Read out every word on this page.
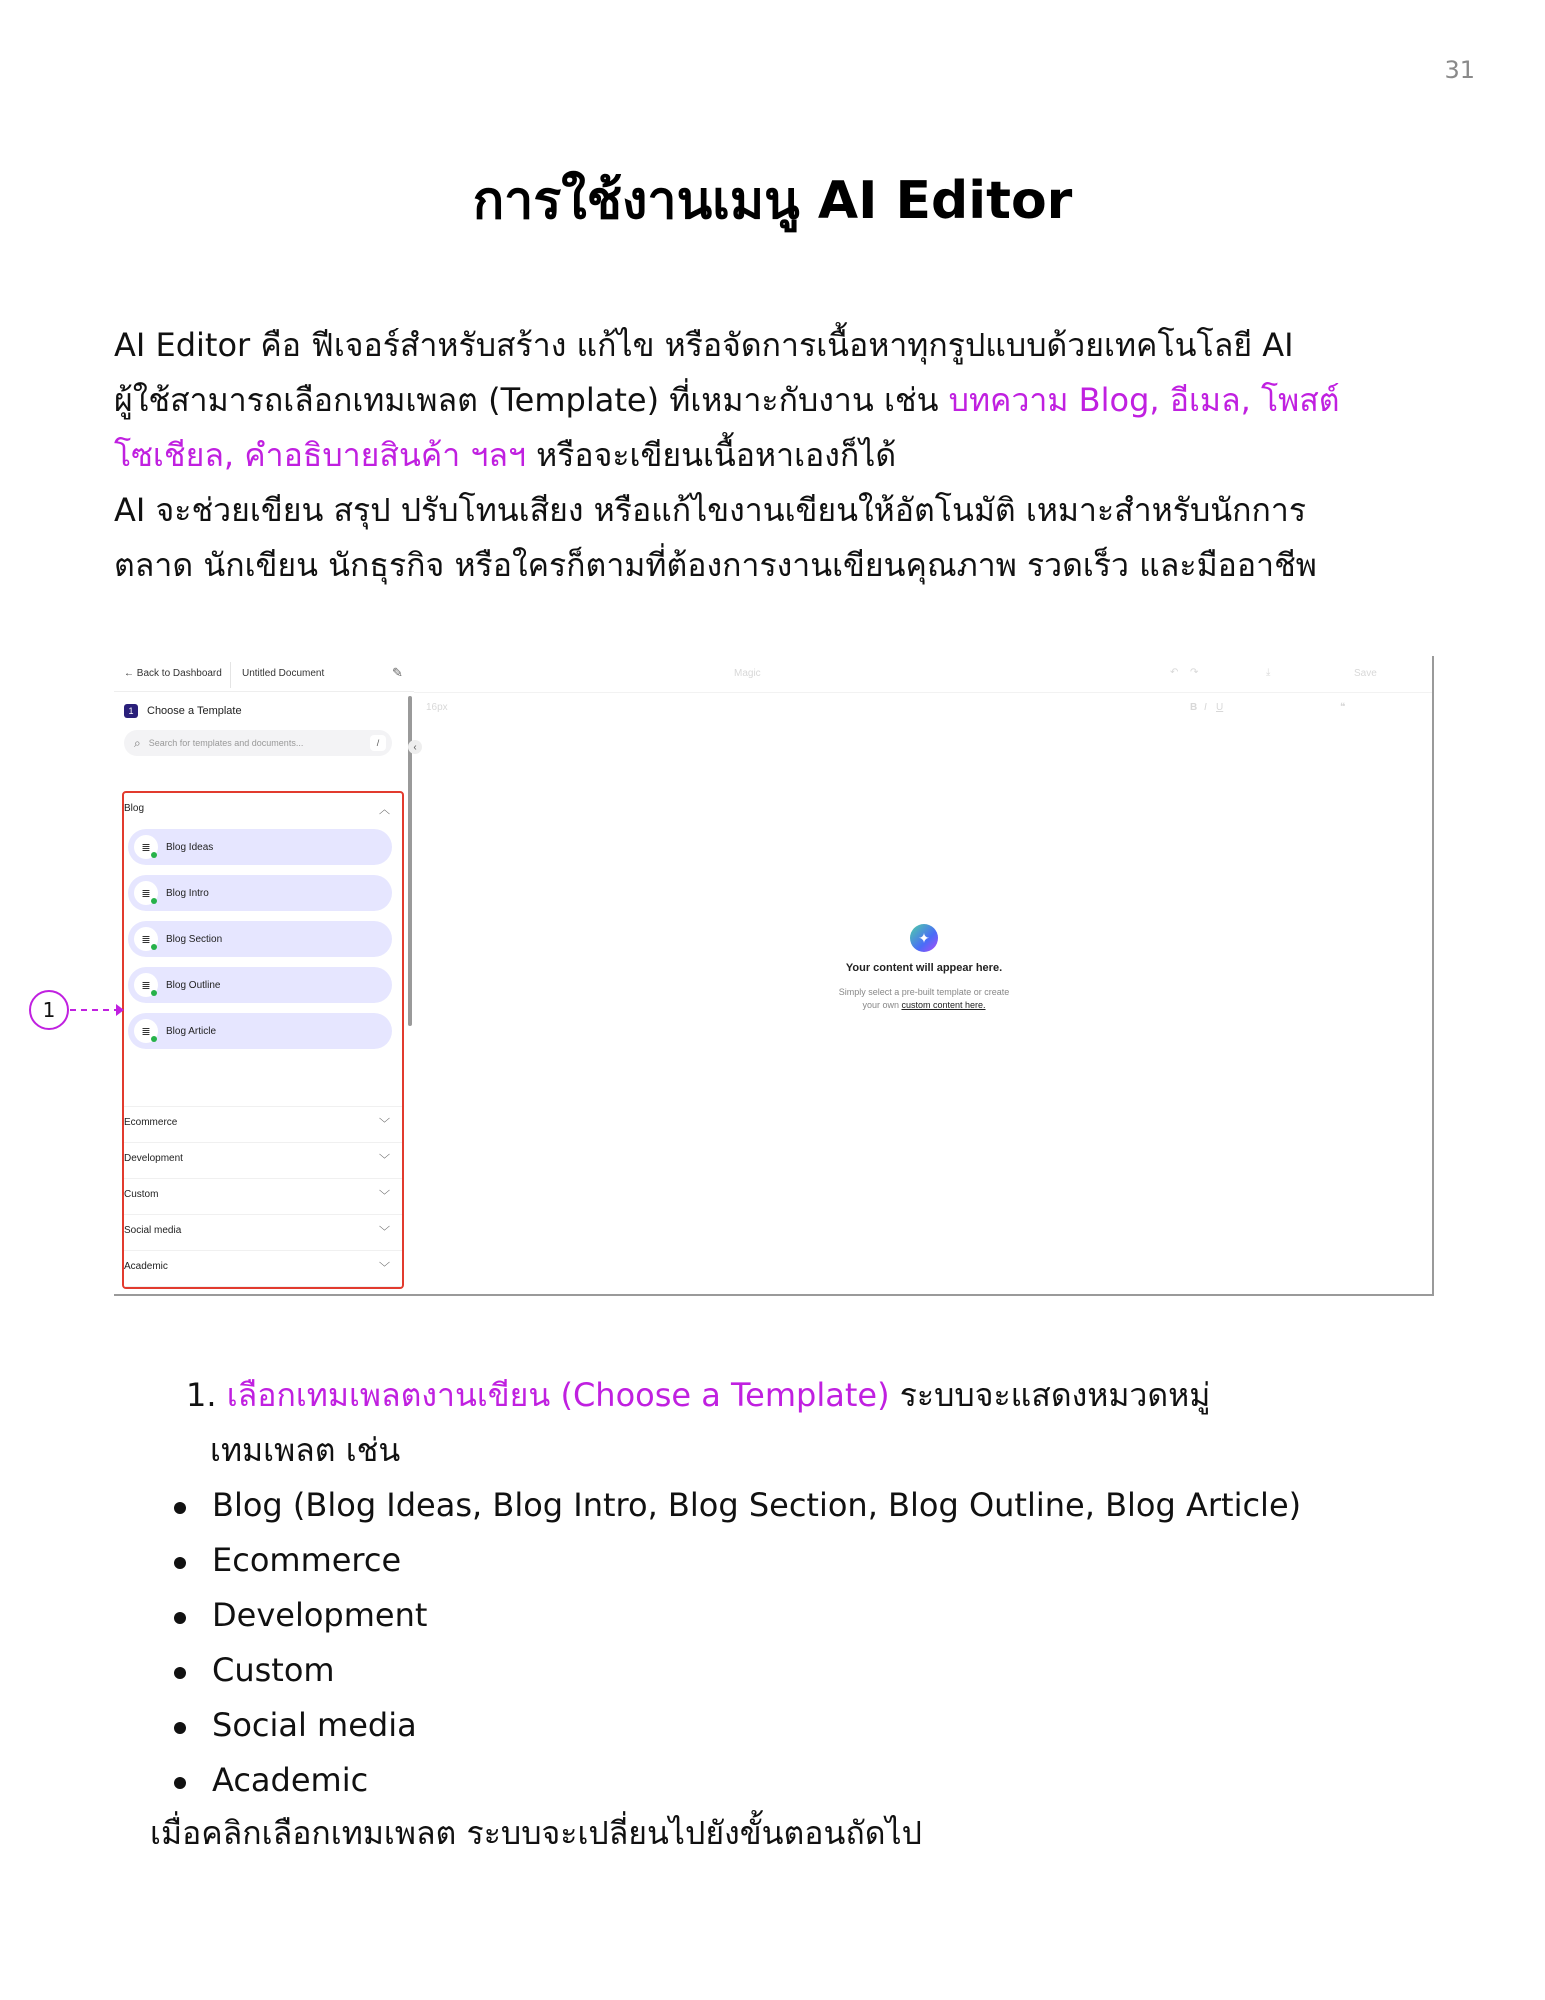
31
การใช้งานเมนู AI Editor

AI Editor คือ ฟีเจอร์สำหรับสร้าง แก้ไข หรือจัดการเนื้อหาทุกรูปแบบด้วยเทคโนโลยี AI

ผู้ใช้สามารถเลือกเทมเพลต (Template) ที่เหมาะกับงาน เช่น บทความ Blog, อีเมล, โพสต์

โซเชียล, คำอธิบายสินค้า ฯลฯ หรือจะเขียนเนื้อหาเองก็ได้

AI จะช่วยเขียน สรุป ปรับโทนเสียง หรือแก้ไขงานเขียนให้อัตโนมัติ เหมาะสำหรับนักการ

ตลาด นักเขียน นักธุรกิจ หรือใครก็ตามที่ต้องการงานเขียนคุณภาพ รวดเร็ว และมืออาชีพ

← Back to Dashboard Untitled Document	✎
1	Choose a Template
⌕ Search for templates and documents...	/
Blog	︿
≣	Blog Ideas
≣	Blog Intro
≣	Blog Section
≣	Blog Outline
≣	Blog Article
Ecommerce	﹀
Development	﹀
Custom	﹀
Social media	﹀
Academic	﹀
‹
Magic	↶ ↷	⤓	Save
16px	B I U	❝
✦
Your content will appear here.
Simply select a pre-built template or create
your own custom content here.
1

1. เลือกเทมเพลตงานเขียน (Choose a Template) ระบบจะแสดงหมวดหมู่

เทมเพลต เช่น

Blog (Blog Ideas, Blog Intro, Blog Section, Blog Outline, Blog Article)
Ecommerce
Development
Custom
Social media
Academic

เมื่อคลิกเลือกเทมเพลต ระบบจะเปลี่ยนไปยังขั้นตอนถัดไป
